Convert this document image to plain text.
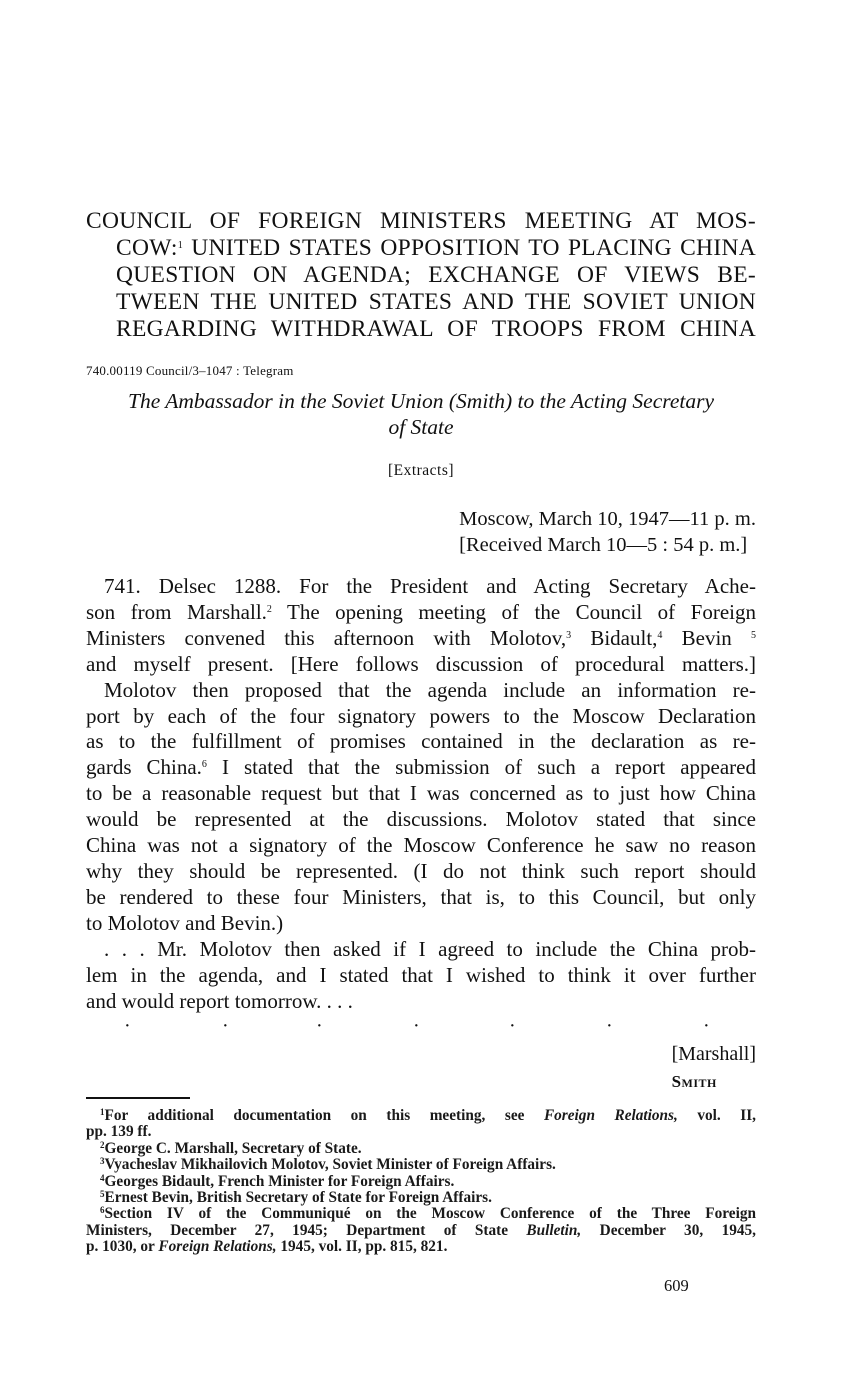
COUNCIL OF FOREIGN MINISTERS MEETING AT MOS-
COW:$^1$ UNITED STATES OPPOSITION TO PLACING CHINA
QUESTION ON AGENDA; EXCHANGE OF VIEWS BE-
TWEEN THE UNITED STATES AND THE SOVIET UNION
REGARDING WITHDRAWAL OF TROOPS FROM CHINA
740.00119 Council/3–1047 : Telegram
The Ambassador in the Soviet Union (Smith) to the Acting Secretary
of State
[Extracts]
Moscow, March 10, 1947—11 p. m.
[Received March 10—5 : 54 p. m.]
741. Delsec 1288. For the President and Acting Secretary Ache-
son from Marshall.$^2$ The opening meeting of the Council of Foreign
Ministers convened this afternoon with Molotov,$^3$ Bidault,$^4$ Bevin $^5$
and myself present. [Here follows discussion of procedural matters.]
Molotov then proposed that the agenda include an information re-
port by each of the four signatory powers to the Moscow Declaration
as to the fulfillment of promises contained in the declaration as re-
gards China.$^6$ I stated that the submission of such a report appeared
to be a reasonable request but that I was concerned as to just how China
would be represented at the discussions. Molotov stated that since
China was not a signatory of the Moscow Conference he saw no reason
why they should be represented. (I do not think such report should
be rendered to these four Ministers, that is, to this Council, but only
to Molotov and Bevin.)
. . . Mr. Molotov then asked if I agreed to include the China prob-
lem in the agenda, and I stated that I wished to think it over further
and would report tomorrow. . . .
·	·	·	·	·	·	·
[Marshall]
Smith
$^1$For additional documentation on this meeting, see Foreign Relations, vol. II,
pp. 139 ff.
$^2$George C. Marshall, Secretary of State.
$^3$Vyacheslav Mikhailovich Molotov, Soviet Minister of Foreign Affairs.
$^4$Georges Bidault, French Minister for Foreign Affairs.
$^5$Ernest Bevin, British Secretary of State for Foreign Affairs.
$^6$Section IV of the Communiqué on the Moscow Conference of the Three Foreign
Ministers, December 27, 1945; Department of State Bulletin, December 30, 1945,
p. 1030, or Foreign Relations, 1945, vol. II, pp. 815, 821.
609
